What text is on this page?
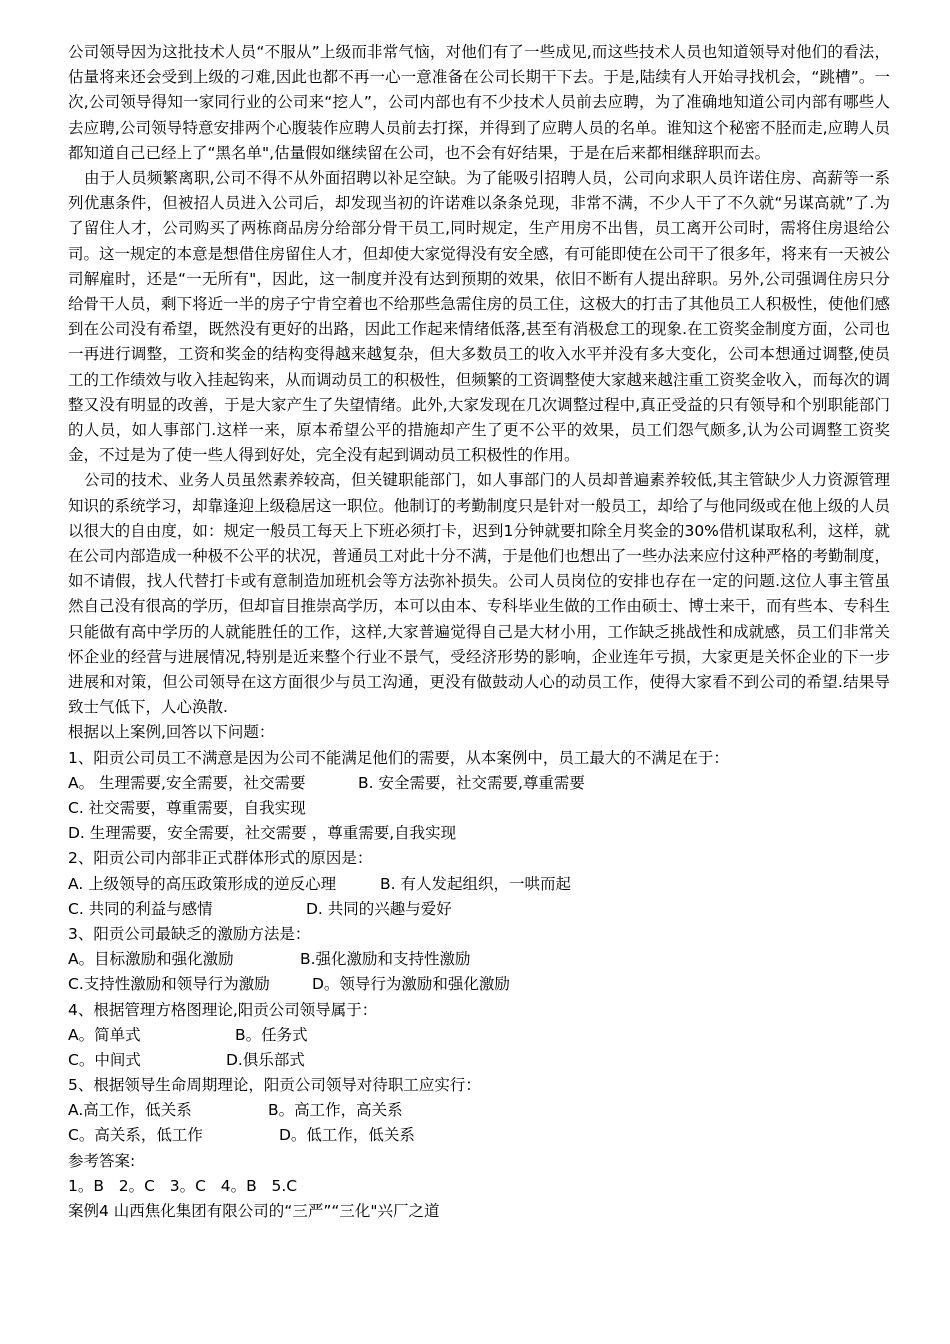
公司领导因为这批技术人员“不服从”上级而非常气恼，对他们有了一些成见,而这些技术人员也知道领导对他们的看法，估量将来还会受到上级的刁难,因此也都不再一心一意准备在公司长期干下去。于是,陆续有人开始寻找机会，“跳槽”。一次,公司领导得知一家同行业的公司来“挖人”，公司内部也有不少技术人员前去应聘，为了准确地知道公司内部有哪些人去应聘,公司领导特意安排两个心腹装作应聘人员前去打探，并得到了应聘人员的名单。谁知这个秘密不胫而走,应聘人员都知道自己已经上了“黑名单",估量假如继续留在公司，也不会有好结果，于是在后来都相继辞职而去。

由于人员频繁离职,公司不得不从外面招聘以补足空缺。为了能吸引招聘人员，公司向求职人员许诺住房、高薪等一系列优惠条件，但被招人员进入公司后，却发现当初的许诺难以条条兑现，非常不满，不少人干了不久就“另谋高就”了.为了留住人才，公司购买了两栋商品房分给部分骨干员工,同时规定，生产用房不出售，员工离开公司时，需将住房退给公司。这一规定的本意是想借住房留住人才，但却使大家觉得没有安全感，有可能即使在公司干了很多年，将来有一天被公司解雇时，还是“一无所有"，因此，这一制度并没有达到预期的效果，依旧不断有人提出辞职。另外,公司强调住房只分给骨干人员，剩下将近一半的房子宁肯空着也不给那些急需住房的员工住，这极大的打击了其他员工人积极性，使他们感到在公司没有希望，既然没有更好的出路，因此工作起来情绪低落,甚至有消极怠工的现象.在工资奖金制度方面，公司也一再进行调整，工资和奖金的结构变得越来越复杂，但大多数员工的收入水平并没有多大变化，公司本想通过调整,使员工的工作绩效与收入挂起钩来，从而调动员工的积极性，但频繁的工资调整使大家越来越注重工资奖金收入，而每次的调整又没有明显的改善，于是大家产生了失望情绪。此外,大家发现在几次调整过程中,真正受益的只有领导和个别职能部门的人员，如人事部门.这样一来，原本希望公平的措施却产生了更不公平的效果，员工们怨气颇多,认为公司调整工资奖金，不过是为了使一些人得到好处，完全没有起到调动员工积极性的作用。

公司的技术、业务人员虽然素养较高，但关键职能部门，如人事部门的人员却普遍素养较低,其主管缺少人力资源管理知识的系统学习，却靠逢迎上级稳居这一职位。他制订的考勤制度只是针对一般员工，却给了与他同级或在他上级的人员以很大的自由度，如：规定一般员工每天上下班必须打卡，迟到1分钟就要扣除全月奖金的30%借机谋取私利，这样，就在公司内部造成一种极不公平的状况，普通员工对此十分不满，于是他们也想出了一些办法来应付这种严格的考勤制度，如不请假，找人代替打卡或有意制造加班机会等方法弥补损失。公司人员岗位的安排也存在一定的问题.这位人事主管虽然自己没有很高的学历，但却盲目推崇高学历，本可以由本、专科毕业生做的工作由硕士、博士来干，而有些本、专科生只能做有高中学历的人就能胜任的工作，这样,大家普遍觉得自己是大材小用，工作缺乏挑战性和成就感，员工们非常关怀企业的经营与进展情况,特别是近来整个行业不景气，受经济形势的影响，企业连年亏损，大家更是关怀企业的下一步进展和对策，但公司领导在这方面很少与员工沟通，更没有做鼓动人心的动员工作，使得大家看不到公司的希望.结果导致士气低下，人心涣散.

根据以上案例,回答以下问题：

1、阳贡公司员工不满意是因为公司不能满足他们的需要，从本案例中，员工最大的不满足在于：

A。 生理需要,安全需要，社交需要	B. 安全需要，社交需要,尊重需要

C. 社交需要，尊重需要，自我实现

D. 生理需要，安全需要，社交需要 ，尊重需要,自我实现

2、阳贡公司内部非正式群体形式的原因是：

A. 上级领导的高压政策形成的逆反心理	B. 有人发起组织，一哄而起

C. 共同的利益与感情	D. 共同的兴趣与爱好

3、阳贡公司最缺乏的激励方法是：

A。目标激励和强化激励	B.强化激励和支持性激励

C.支持性激励和领导行为激励	D。领导行为激励和强化激励

4、根据管理方格图理论,阳贡公司领导属于：

A。简单式	B。任务式

C。中间式	D.俱乐部式

5、根据领导生命周期理论，阳贡公司领导对待职工应实行：

A.高工作，低关系	B。高工作，高关系

C。高关系，低工作	D。低工作，低关系

参考答案:

1。B   2。C   3。C   4。B   5.C

案例4 山西焦化集团有限公司的“三严”“三化"兴厂之道
